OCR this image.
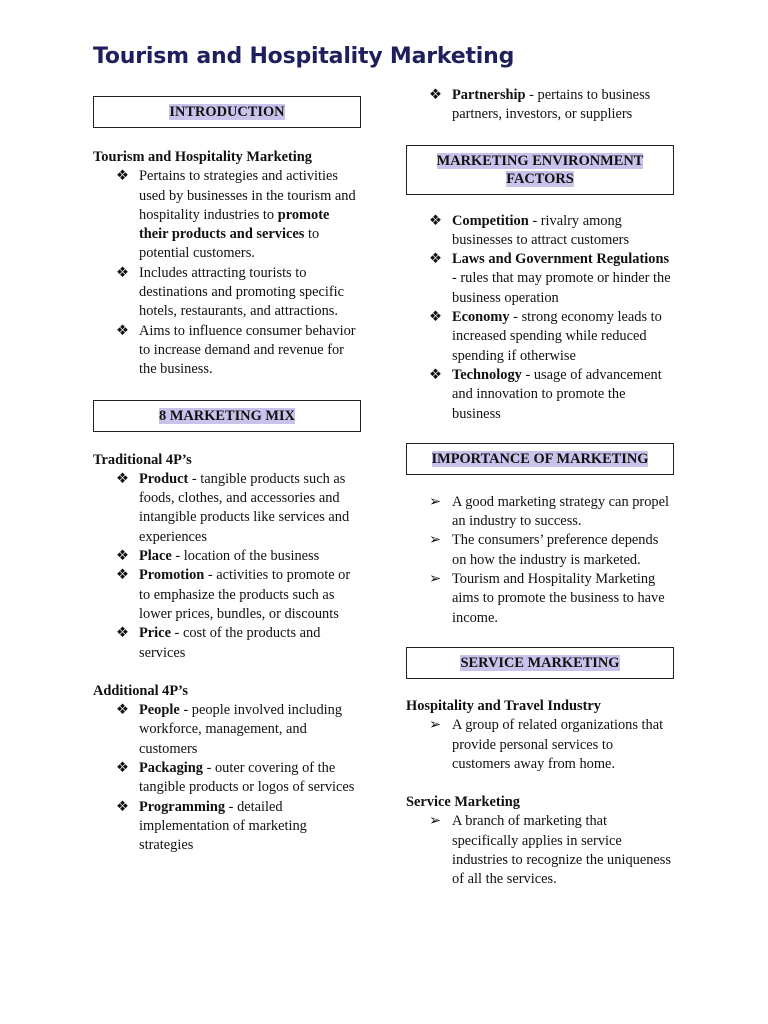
Tourism and Hospitality Marketing
INTRODUCTION

Tourism and Hospitality Marketing

❖ Pertains to strategies and activities used by businesses in the tourism and hospitality industries to promote their products and services to potential customers.
❖ Includes attracting tourists to destinations and promoting specific hotels, restaurants, and attractions.
❖ Aims to influence consumer behavior to increase demand and revenue for the business.
8 MARKETING MIX

Traditional 4P’s

❖ Product - tangible products such as foods, clothes, and accessories and intangible products like services and experiences
❖ Place - location of the business
❖ Promotion - activities to promote or to emphasize the products such as lower prices, bundles, or discounts
❖ Price - cost of the products and services

Additional 4P’s

❖ People - people involved including workforce, management, and customers
❖ Packaging - outer covering of the tangible products or logos of services
❖ Programming - detailed implementation of marketing strategies
❖ Partnership - pertains to business partners, investors, or suppliers
MARKETING ENVIRONMENT FACTORS
❖ Competition - rivalry among businesses to attract customers
❖ Laws and Government Regulations - rules that may promote or hinder the business operation
❖ Economy - strong economy leads to increased spending while reduced spending if otherwise
❖ Technology - usage of advancement and innovation to promote the business
IMPORTANCE OF MARKETING
➢ A good marketing strategy can propel an industry to success.
➢ The consumers’ preference depends on how the industry is marketed.
➢ Tourism and Hospitality Marketing aims to promote the business to have income.
SERVICE MARKETING

Hospitality and Travel Industry

➢ A group of related organizations that provide personal services to customers away from home.

Service Marketing

➢ A branch of marketing that specifically applies in service industries to recognize the uniqueness of all the services.
